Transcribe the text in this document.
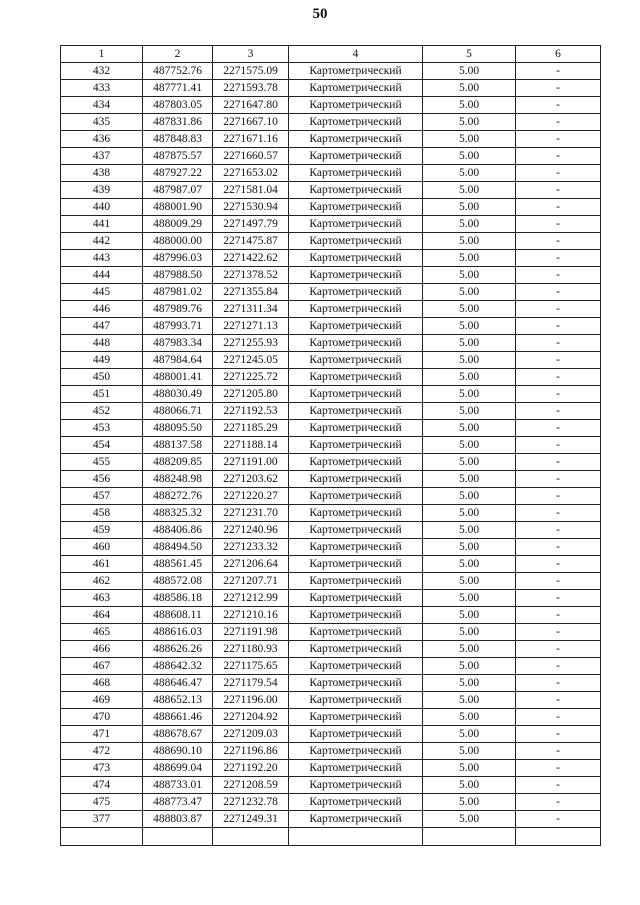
50
1	2	3	4	5	6
432	487752.76	2271575.09	Картометрический	5.00	-
433	487771.41	2271593.78	Картометрический	5.00	-
434	487803.05	2271647.80	Картометрический	5.00	-
435	487831.86	2271667.10	Картометрический	5.00	-
436	487848.83	2271671.16	Картометрический	5.00	-
437	487875.57	2271660.57	Картометрический	5.00	-
438	487927.22	2271653.02	Картометрический	5.00	-
439	487987.07	2271581.04	Картометрический	5.00	-
440	488001.90	2271530.94	Картометрический	5.00	-
441	488009.29	2271497.79	Картометрический	5.00	-
442	488000.00	2271475.87	Картометрический	5.00	-
443	487996.03	2271422.62	Картометрический	5.00	-
444	487988.50	2271378.52	Картометрический	5.00	-
445	487981.02	2271355.84	Картометрический	5.00	-
446	487989.76	2271311.34	Картометрический	5.00	-
447	487993.71	2271271.13	Картометрический	5.00	-
448	487983.34	2271255.93	Картометрический	5.00	-
449	487984.64	2271245.05	Картометрический	5.00	-
450	488001.41	2271225.72	Картометрический	5.00	-
451	488030.49	2271205.80	Картометрический	5.00	-
452	488066.71	2271192.53	Картометрический	5.00	-
453	488095.50	2271185.29	Картометрический	5.00	-
454	488137.58	2271188.14	Картометрический	5.00	-
455	488209.85	2271191.00	Картометрический	5.00	-
456	488248.98	2271203.62	Картометрический	5.00	-
457	488272.76	2271220.27	Картометрический	5.00	-
458	488325.32	2271231.70	Картометрический	5.00	-
459	488406.86	2271240.96	Картометрический	5.00	-
460	488494.50	2271233.32	Картометрический	5.00	-
461	488561.45	2271206.64	Картометрический	5.00	-
462	488572.08	2271207.71	Картометрический	5.00	-
463	488586.18	2271212.99	Картометрический	5.00	-
464	488608.11	2271210.16	Картометрический	5.00	-
465	488616.03	2271191.98	Картометрический	5.00	-
466	488626.26	2271180.93	Картометрический	5.00	-
467	488642.32	2271175.65	Картометрический	5.00	-
468	488646.47	2271179.54	Картометрический	5.00	-
469	488652.13	2271196.00	Картометрический	5.00	-
470	488661.46	2271204.92	Картометрический	5.00	-
471	488678.67	2271209.03	Картометрический	5.00	-
472	488690.10	2271196.86	Картометрический	5.00	-
473	488699.04	2271192.20	Картометрический	5.00	-
474	488733.01	2271208.59	Картометрический	5.00	-
475	488773.47	2271232.78	Картометрический	5.00	-
377	488803.87	2271249.31	Картометрический	5.00	-
